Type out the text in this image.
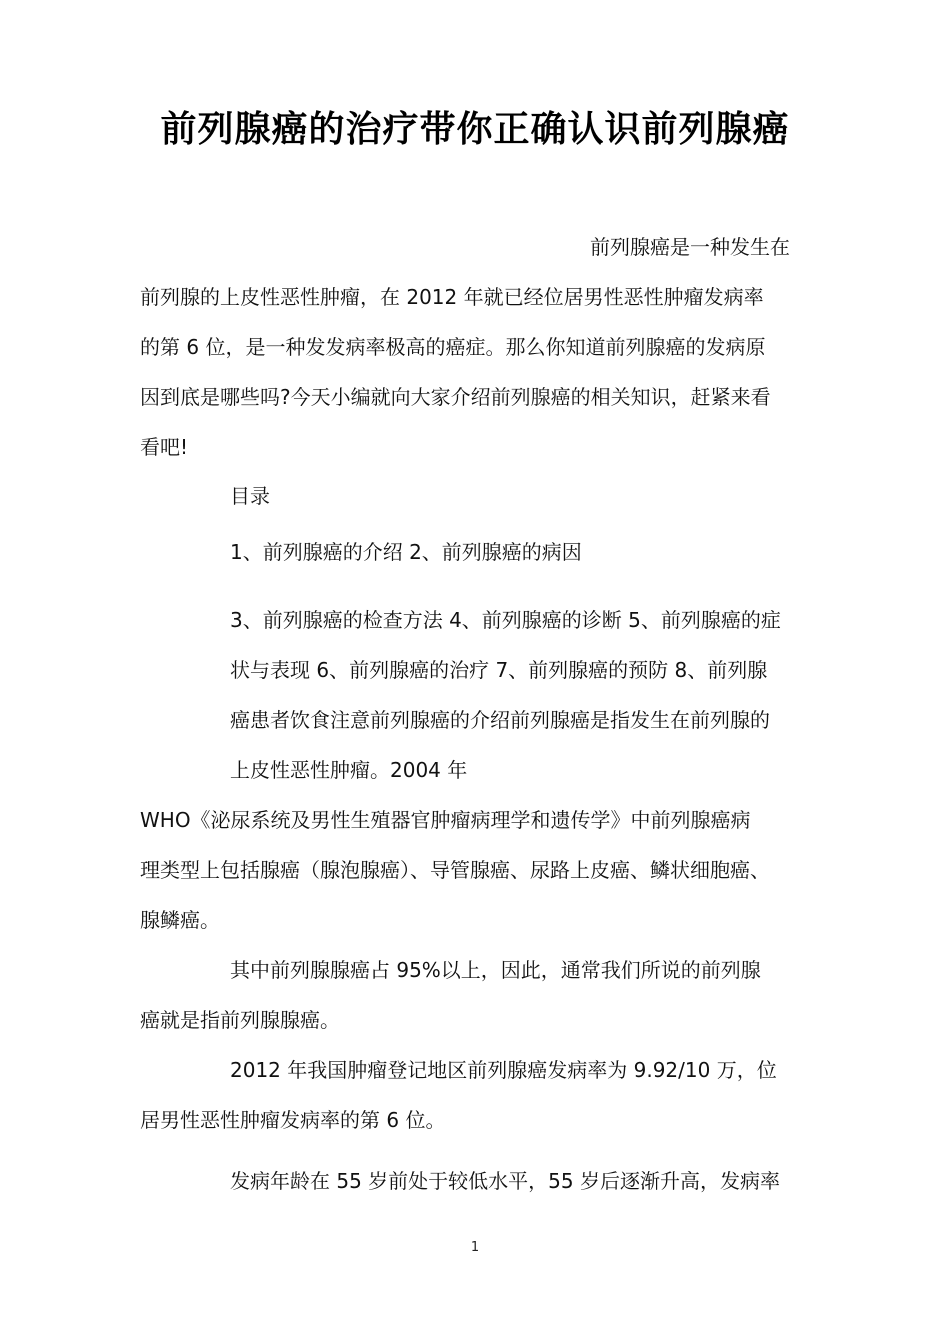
前列腺癌的治疗带你正确认识前列腺癌
前列腺癌是一种发生在
前列腺的上皮性恶性肿瘤，在 2012 年就已经位居男性恶性肿瘤发病率
的第 6 位，是一种发发病率极高的癌症。那么你知道前列腺癌的发病原
因到底是哪些吗?今天小编就向大家介绍前列腺癌的相关知识，赶紧来看
看吧!
目录
1、前列腺癌的介绍 2、前列腺癌的病因
3、前列腺癌的检查方法 4、前列腺癌的诊断 5、前列腺癌的症
状与表现 6、前列腺癌的治疗 7、前列腺癌的预防 8、前列腺
癌患者饮食注意前列腺癌的介绍前列腺癌是指发生在前列腺的
上皮性恶性肿瘤。2004 年
WHO《泌尿系统及男性生殖器官肿瘤病理学和遗传学》中前列腺癌病
理类型上包括腺癌（腺泡腺癌）、导管腺癌、尿路上皮癌、鳞状细胞癌、
腺鳞癌。
其中前列腺腺癌占 95%以上，因此，通常我们所说的前列腺
癌就是指前列腺腺癌。
2012 年我国肿瘤登记地区前列腺癌发病率为 9.92/10 万，位
居男性恶性肿瘤发病率的第 6 位。
发病年龄在 55 岁前处于较低水平，55 岁后逐渐升高，发病率
1
